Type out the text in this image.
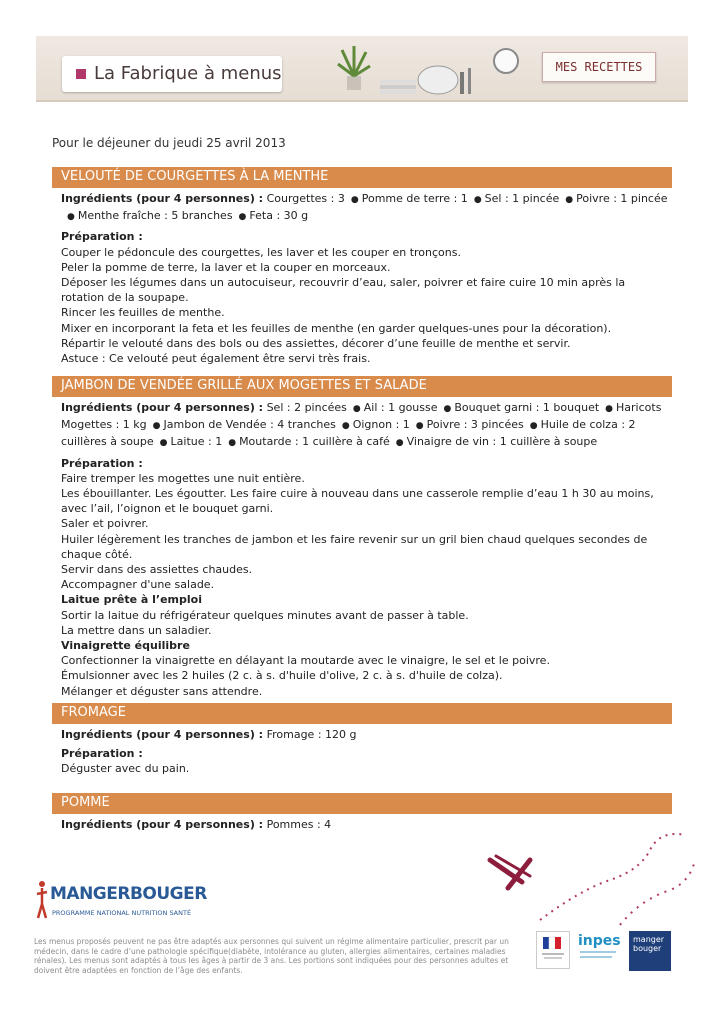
La Fabrique à menus	MES RECETTES
Pour le déjeuner du jeudi 25 avril 2013
VELOUTÉ DE COURGETTES À LA MENTHE

Ingrédients (pour 4 personnes) : Courgettes : 3 ● Pomme de terre : 1 ● Sel : 1 pincée ● Poivre : 1 pincée
● Menthe fraîche : 5 branches ● Feta : 30 g

Préparation :

Couper le pédoncule des courgettes, les laver et les couper en tronçons.

Peler la pomme de terre, la laver et la couper en morceaux.

Déposer les légumes dans un autocuiseur, recouvrir d’eau, saler, poivrer et faire cuire 10 min après la rotation de la soupape.

Rincer les feuilles de menthe.

Mixer en incorporant la feta et les feuilles de menthe (en garder quelques-unes pour la décoration).

Répartir le velouté dans des bols ou des assiettes, décorer d’une feuille de menthe et servir.

Astuce : Ce velouté peut également être servi très frais.

JAMBON DE VENDÉE GRILLÉ AUX MOGETTES ET SALADE

Ingrédients (pour 4 personnes) : Sel : 2 pincées ● Ail : 1 gousse ● Bouquet garni : 1 bouquet ● Haricots Mogettes : 1 kg ● Jambon de Vendée : 4 tranches ● Oignon : 1 ● Poivre : 3 pincées ● Huile de colza : 2 cuillères à soupe ● Laitue : 1 ● Moutarde : 1 cuillère à café ● Vinaigre de vin : 1 cuillère à soupe

Préparation :

Faire tremper les mogettes une nuit entière.

Les ébouillanter. Les égoutter. Les faire cuire à nouveau dans une casserole remplie d’eau 1 h 30 au moins, avec l’ail, l’oignon et le bouquet garni.

Saler et poivrer.

Huiler légèrement les tranches de jambon et les faire revenir sur un gril bien chaud quelques secondes de chaque côté.

Servir dans des assiettes chaudes.

Accompagner d'une salade.

Laitue prête à l’emploi

Sortir la laitue du réfrigérateur quelques minutes avant de passer à table.

La mettre dans un saladier.

Vinaigrette équilibre

Confectionner la vinaigrette en délayant la moutarde avec le vinaigre, le sel et le poivre.

Émulsionner avec les 2 huiles (2 c. à s. d'huile d'olive, 2 c. à s. d'huile de colza).

Mélanger et déguster sans attendre.

FROMAGE

Ingrédients (pour 4 personnes) : Fromage : 120 g

Préparation :

Déguster avec du pain.

POMME

Ingrédients (pour 4 personnes) : Pommes : 4

MANGERBOUGER
PROGRAMME NATIONAL NUTRITION SANTÉ
Les menus proposés peuvent ne pas être adaptés aux personnes qui suivent un régime alimentaire particulier, prescrit par un médecin, dans le cadre d’une pathologie spécifique(diabète, intolérance au gluten, allergies alimentaires, certaines maladies rénales). Les menus sont adaptés à tous les âges à partir de 3 ans. Les portions sont indiquées pour des personnes adultes et doivent être adaptées en fonction de l’âge des enfants.
inpes manger bouger
